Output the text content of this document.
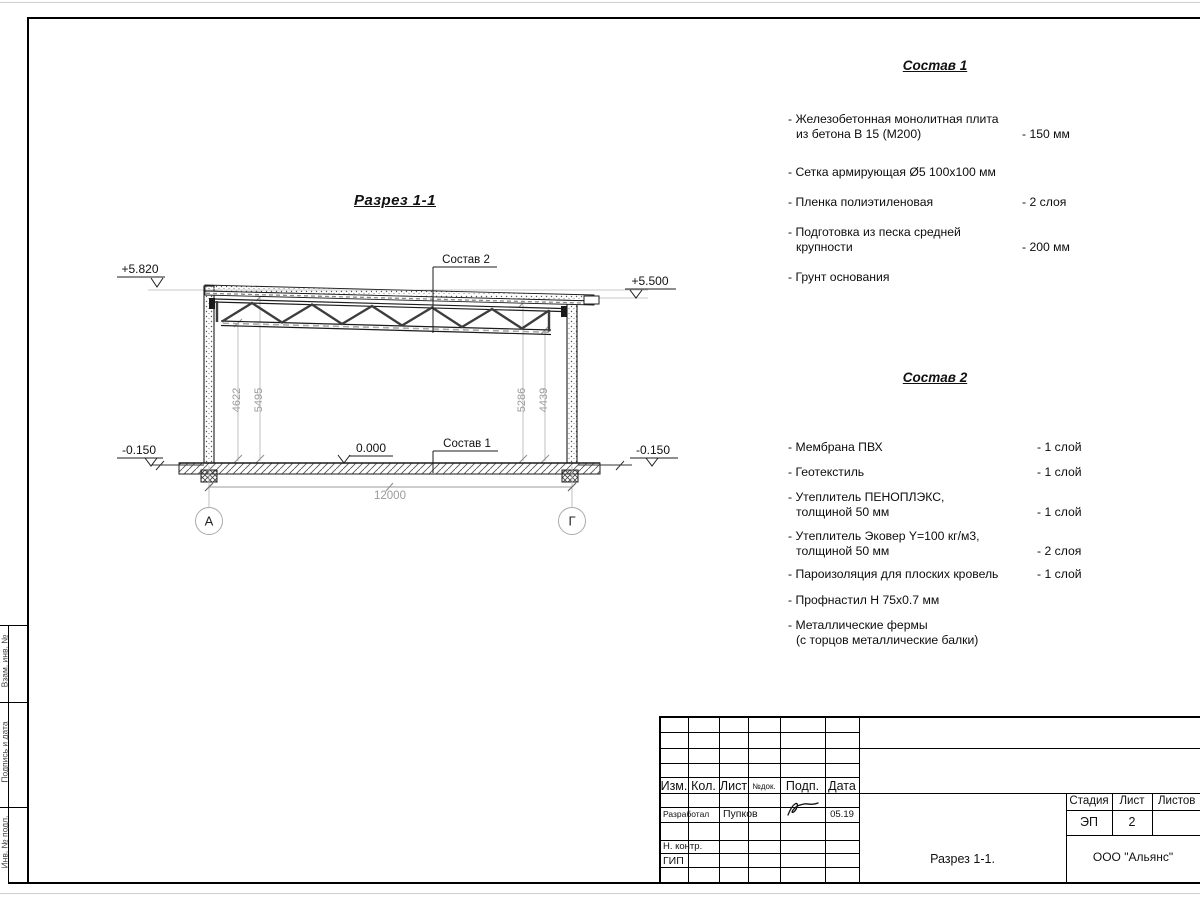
Взам. инв. №
Подпись и дата
Инв. № подл.
+5.820
+5.500
0.000
-0.150	-0.150
Состав 2
Состав 1
12000
4622 5495	5286 4439
А	Г
Разрез 1-1
Состав 1
- Железобетонная монолитная плита
из бетона В 15 (М200)	- 150 мм
- Сетка армирующая Ø5 100х100 мм
- Пленка полиэтиленовая	- 2 слоя
- Подготовка из песка средней
крупности	- 200 мм
- Грунт основания
Состав 2
- Мембрана ПВХ	- 1 слой
- Геотекстиль	- 1 слой
- Утеплитель ПЕНОПЛЭКС,
толщиной 50 мм	- 1 слой
- Утеплитель Эковер Y=100 кг/м3,
толщиной 50 мм	- 2 слоя
- Пароизоляция для плоских кровель	- 1 слой
- Профнастил Н 75х0.7 мм
- Металлические фермы
(с торцов металлические балки)
Изм. Кол. Лист №док. Подп. Дата
Разработал Пупков	05.19
Н. контр.
ГИП
Стадия Лист	Листов
ЭП	2
Разрез 1-1.	ООО "Альянс"
